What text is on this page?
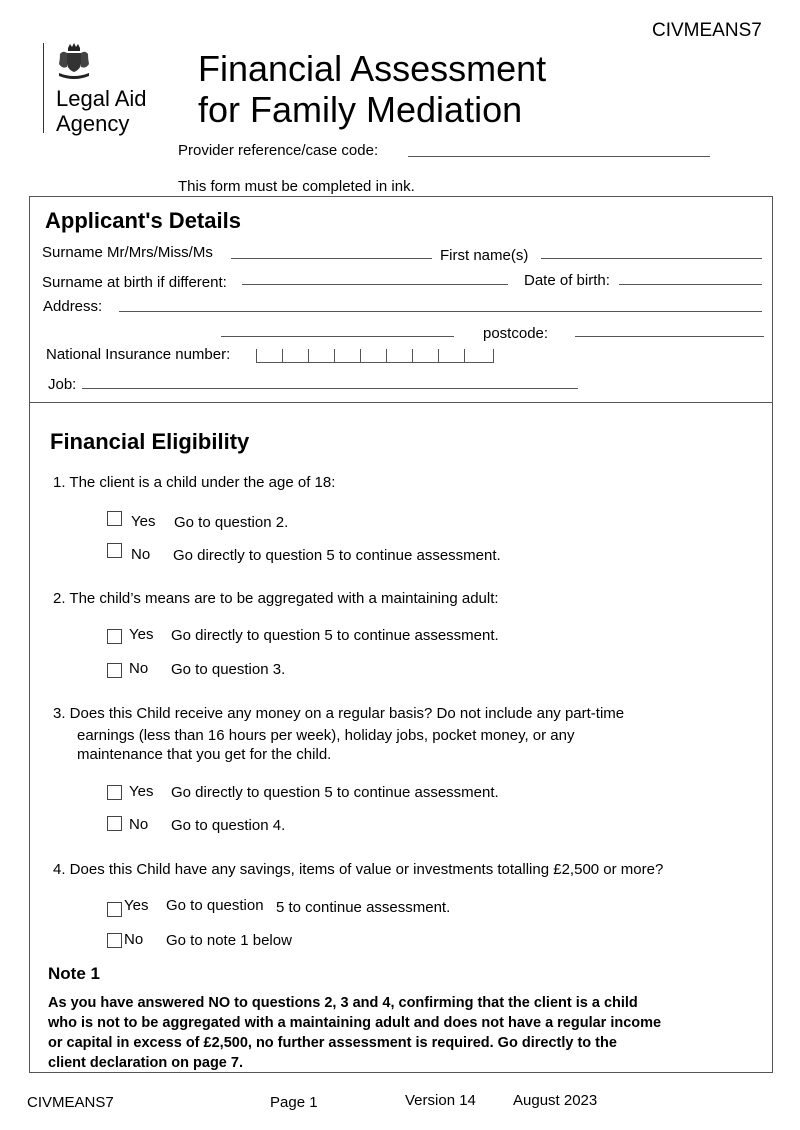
CIVMEANS7
Legal Aid
Agency
Financial Assessment
for Family Mediation
Provider reference/case code:
This form must be completed in ink.
Applicant's Details
Surname Mr/Mrs/Miss/Ms	First name(s)
Surname at birth if different:	Date of birth:
Address:
postcode:
National Insurance number:
Job:
Financial Eligibility
1. The client is a child under the age of 18:
Yes Go to question 2.
No Go directly to question 5 to continue assessment.
2. The child’s means are to be aggregated with a maintaining adult:
Yes Go directly to question 5 to continue assessment.
No Go to question 3.
3. Does this Child receive any money on a regular basis? Do not include any part-time
earnings (less than 16 hours per week), holiday jobs, pocket money, or any
maintenance that you get for the child.
Yes Go directly to question 5 to continue assessment.
No Go to question 4.
4. Does this Child have any savings, items of value or investments totalling £2,500 or more?
Yes Go to question 5 to continue assessment.
No Go to note 1 below
Note 1
As you have answered NO to questions 2, 3 and 4, confirming that the client is a child
who is not to be aggregated with a maintaining adult and does not have a regular income
or capital in excess of £2,500, no further assessment is required. Go directly to the
client declaration on page 7.
CIVMEANS7	Page 1	Version 14 August 2023
